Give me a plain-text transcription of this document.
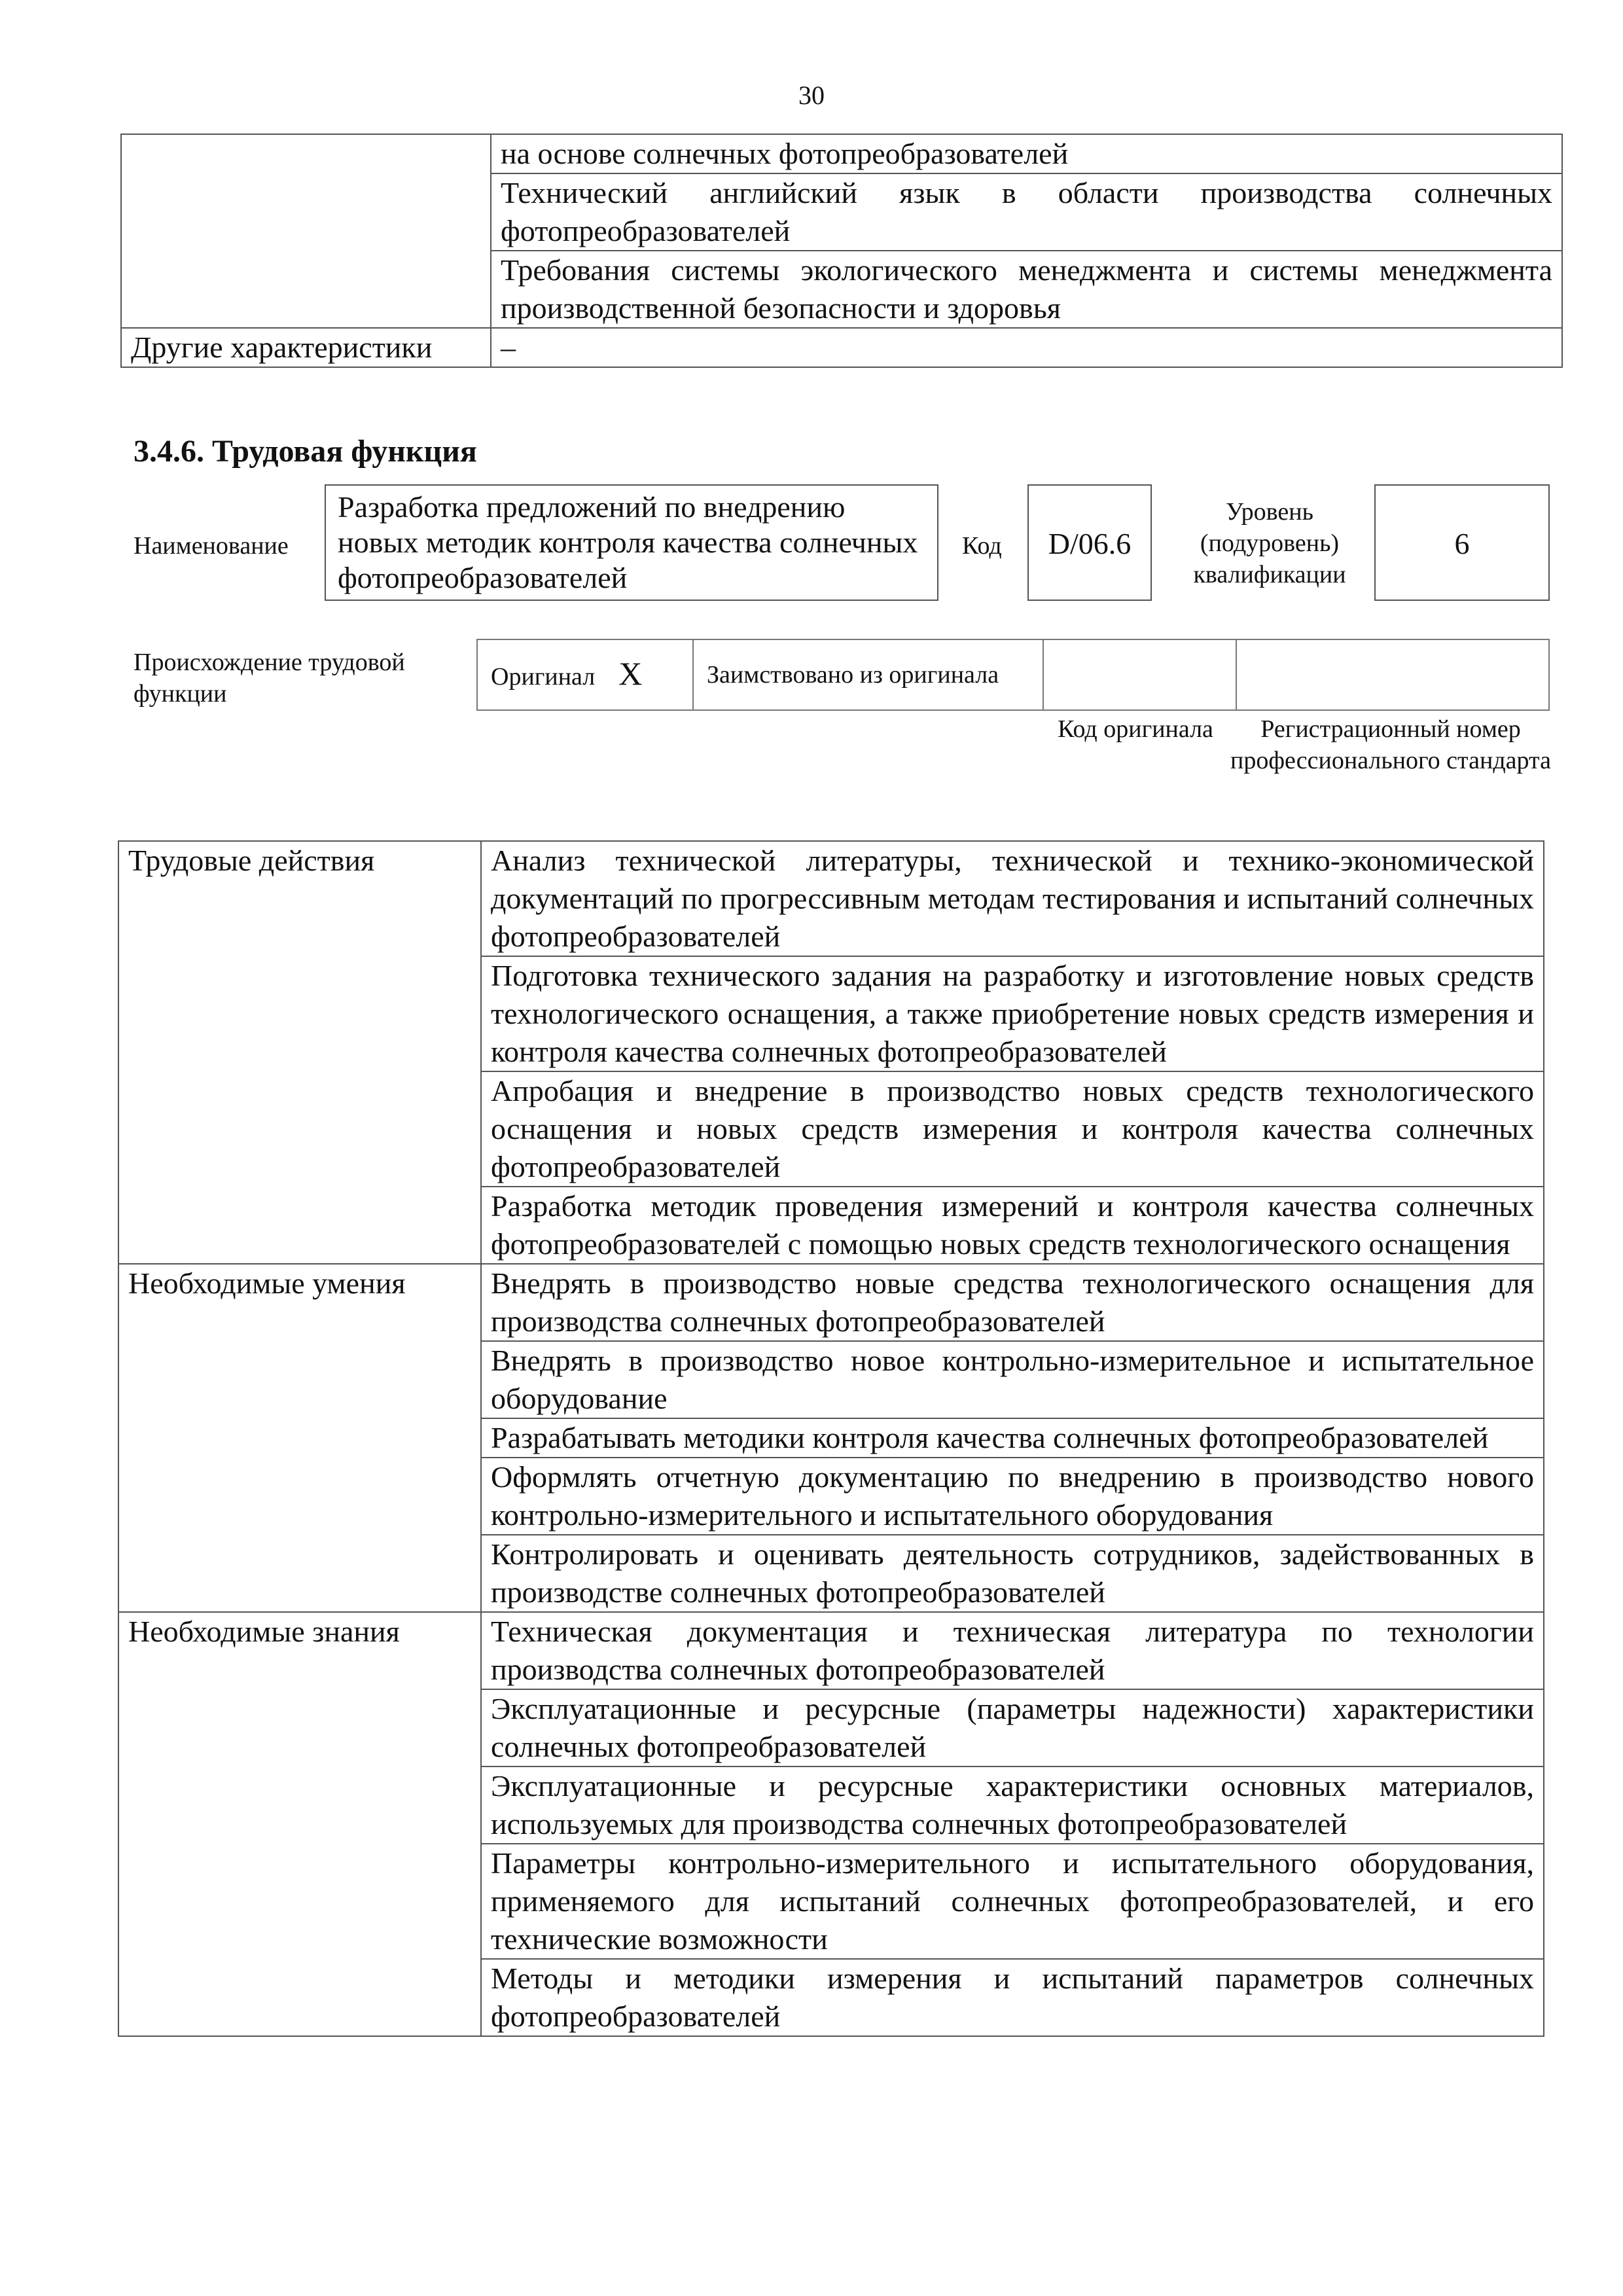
30
	на основе солнечных фотопреобразователей
	Технический английский язык в области производства солнечных фотопреобразователей
	Требования системы экологического менеджмента и системы менеджмента производственной безопасности и здоровья
Другие характеристики	–
3.4.6. Трудовая функция
Наименование
Разработка предложений по внедрению новых методик контроля качества солнечных фотопреобразователей
Код	D/06.6
Уровень (подуровень) квалификации
6
Происхождение трудовой функции
Оригинал X	Заимствовано из оригинала		
Код оригинала	Регистрационный номер профессионального стандарта
Трудовые действия	Анализ технической литературы, технической и технико-экономической документаций по прогрессивным методам тестирования и испытаний солнечных фотопреобразователей
	Подготовка технического задания на разработку и изготовление новых средств технологического оснащения, а также приобретение новых средств измерения и контроля качества солнечных фотопреобразователей
	Апробация и внедрение в производство новых средств технологического оснащения и новых средств измерения и контроля качества солнечных фотопреобразователей
	Разработка методик проведения измерений и контроля качества солнечных фотопреобразователей с помощью новых средств технологического оснащения
Необходимые умения	Внедрять в производство новые средства технологического оснащения для производства солнечных фотопреобразователей
	Внедрять в производство новое контрольно-измерительное и испытательное оборудование
	Разрабатывать методики контроля качества солнечных фотопреобразователей
	Оформлять отчетную документацию по внедрению в производство нового контрольно-измерительного и испытательного оборудования
	Контролировать и оценивать деятельность сотрудников, задействованных в производстве солнечных фотопреобразователей
Необходимые знания	Техническая документация и техническая литература по технологии производства солнечных фотопреобразователей
	Эксплуатационные и ресурсные (параметры надежности) характеристики солнечных фотопреобразователей
	Эксплуатационные и ресурсные характеристики основных материалов, используемых для производства солнечных фотопреобразователей
	Параметры контрольно-измерительного и испытательного оборудования, применяемого для испытаний солнечных фотопреобразователей, и его технические возможности
	Методы и методики измерения и испытаний параметров солнечных фотопреобразователей
